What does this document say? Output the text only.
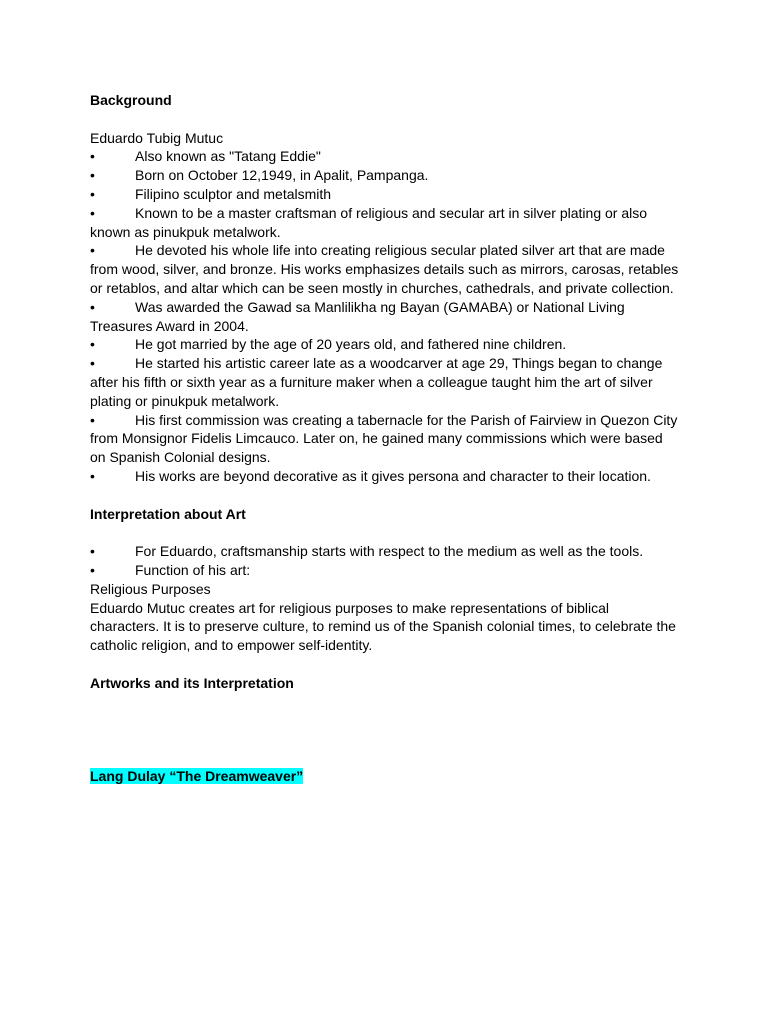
Background
Eduardo Tubig Mutuc
•	Also known as "Tatang Eddie"
•	Born on October 12,1949, in Apalit, Pampanga.
•	Filipino sculptor and metalsmith
•	Known to be a master craftsman of religious and secular art in silver plating or also known as pinukpuk metalwork.
•	He devoted his whole life into creating religious secular plated silver art that are made from wood, silver, and bronze. His works emphasizes details such as mirrors, carosas, retables or retablos, and altar which can be seen mostly in churches, cathedrals, and private collection.
•	Was awarded the Gawad sa Manlilikha ng Bayan (GAMABA) or National Living Treasures Award in 2004.
•	He got married by the age of 20 years old, and fathered nine children.
•	He started his artistic career late as a woodcarver at age 29, Things began to change after his fifth or sixth year as a furniture maker when a colleague taught him the art of silver plating or pinukpuk metalwork.
•	His first commission was creating a tabernacle for the Parish of Fairview in Quezon City from Monsignor Fidelis Limcauco. Later on, he gained many commissions which were based on Spanish Colonial designs.
•	His works are beyond decorative as it gives persona and character to their location.
Interpretation about Art
•	For Eduardo, craftsmanship starts with respect to the medium as well as the tools.
•	Function of his art:
Religious Purposes
Eduardo Mutuc creates art for religious purposes to make representations of biblical characters. It is to preserve culture, to remind us of the Spanish colonial times, to celebrate the catholic religion, and to empower self-identity.
Artworks and its Interpretation
Lang Dulay “The Dreamweaver”
